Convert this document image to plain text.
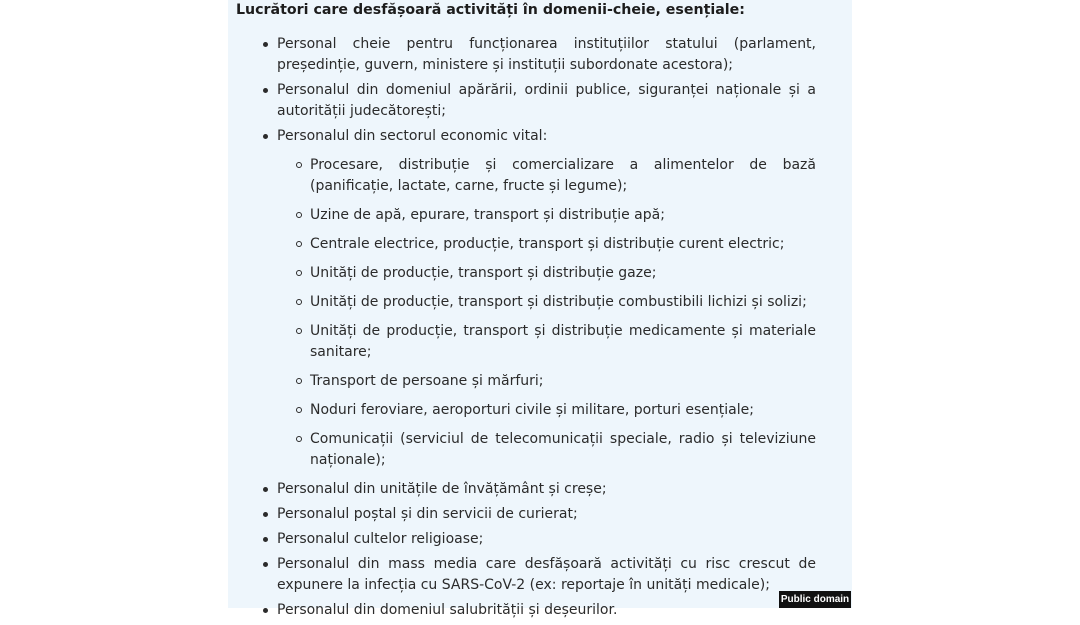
Lucrători care desfășoară activități în domenii-cheie, esențiale:
Personal cheie pentru funcționarea instituțiilor statului (parlament, președinție, guvern, ministere și instituții subordonate acestora);
Personalul din domeniul apărării, ordinii publice, siguranței naționale și a autorității judecătorești;
Personalul din sectorul economic vital:
Procesare, distribuție și comercializare a alimentelor de bază (panificație, lactate, carne, fructe și legume);
Uzine de apă, epurare, transport și distribuție apă;
Centrale electrice, producție, transport și distribuție curent electric;
Unități de producție, transport și distribuție gaze;
Unități de producție, transport și distribuție combustibili lichizi și solizi;
Unități de producție, transport și distribuție medicamente și materiale sanitare;
Transport de persoane și mărfuri;
Noduri feroviare, aeroporturi civile și militare, porturi esențiale;
Comunicații (serviciul de telecomunicații speciale, radio și televiziune naționale);
Personalul din unitățile de învățământ și creșe;
Personalul poștal și din servicii de curierat;
Personalul cultelor religioase;
Personalul din mass media care desfășoară activități cu risc crescut de expunere la infecția cu SARS-CoV-2 (ex: reportaje în unități medicale);
Personalul din domeniul salubrității și deșeurilor.
Public domain
